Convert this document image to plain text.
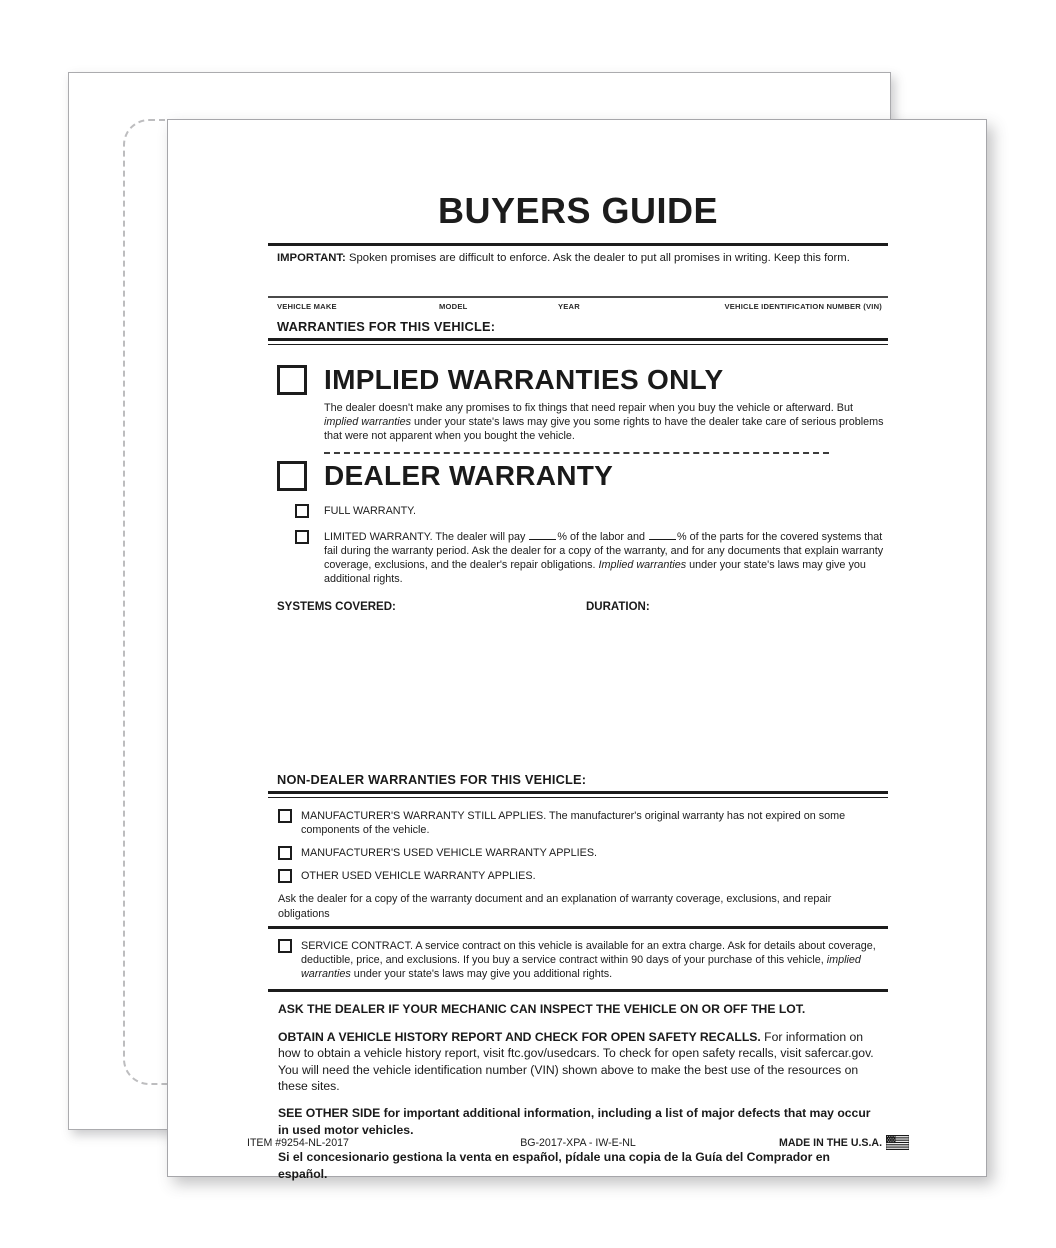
BUYERS GUIDE

IMPORTANT: Spoken promises are difficult to enforce. Ask the dealer to put all promises in writing. Keep this form.

VEHICLE MAKE	MODEL	YEAR	VEHICLE IDENTIFICATION NUMBER (VIN)
WARRANTIES FOR THIS VEHICLE:
IMPLIED WARRANTIES ONLY
The dealer doesn't make any promises to fix things that need repair when you buy the vehicle or afterward. But implied warranties under your state's laws may give you some rights to have the dealer take care of serious problems that were not apparent when you bought the vehicle.
DEALER WARRANTY
FULL WARRANTY.
LIMITED WARRANTY. The dealer will pay	% of the labor and	% of the parts for the covered systems that fail during the warranty period. Ask the dealer for a copy of the warranty, and for any documents that explain warranty coverage, exclusions, and the dealer's repair obligations. Implied warranties under your state's laws may give you additional rights.
SYSTEMS COVERED:	DURATION:
NON-DEALER WARRANTIES FOR THIS VEHICLE:
MANUFACTURER'S WARRANTY STILL APPLIES. The manufacturer's original warranty has not expired on some components of the vehicle.
MANUFACTURER'S USED VEHICLE WARRANTY APPLIES.
OTHER USED VEHICLE WARRANTY APPLIES.
Ask the dealer for a copy of the warranty document and an explanation of warranty coverage, exclusions, and repair obligations
SERVICE CONTRACT. A service contract on this vehicle is available for an extra charge. Ask for details about coverage, deductible, price, and exclusions. If you buy a service contract within 90 days of your purchase of this vehicle, implied warranties under your state's laws may give you additional rights.
ASK THE DEALER IF YOUR MECHANIC CAN INSPECT THE VEHICLE ON OR OFF THE LOT.
OBTAIN A VEHICLE HISTORY REPORT AND CHECK FOR OPEN SAFETY RECALLS. For information on how to obtain a vehicle history report, visit ftc.gov/usedcars. To check for open safety recalls, visit safercar.gov. You will need the vehicle identification number (VIN) shown above to make the best use of the resources on these sites.
SEE OTHER SIDE for important additional information, including a list of major defects that may occur in used motor vehicles.
Si el concesionario gestiona la venta en español, pídale una copia de la Guía del Comprador en español.
ITEM #9254-NL-2017	BG-2017-XPA - IW-E-NL	MADE IN THE U.S.A.
